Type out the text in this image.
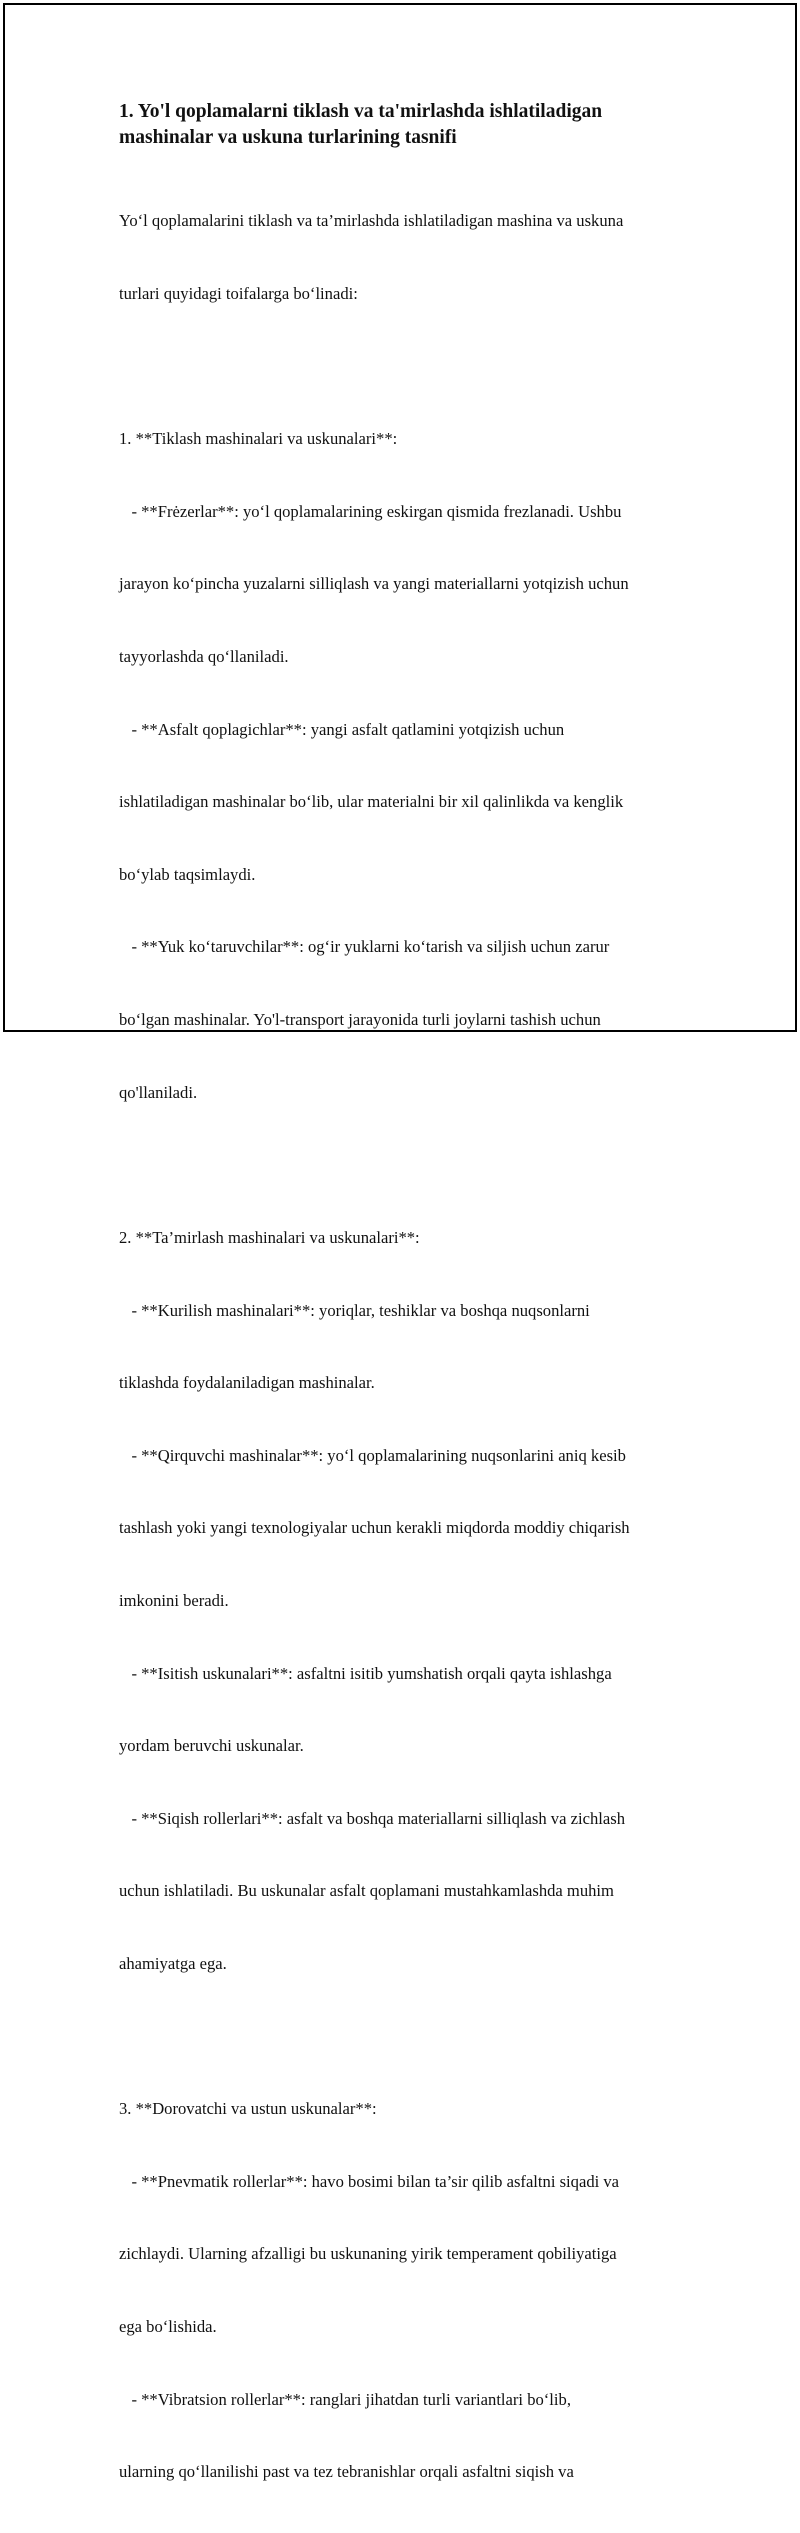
1. Yo'l qoplamalarni tiklash va ta'mirlashda ishlatiladigan
mashinalar va uskuna turlarining tasnifi

Yo‘l qoplamalarini tiklash va ta’mirlashda ishlatiladigan mashina va uskuna

turlari quyidagi toifalarga bo‘linadi:

1. **Tiklash mashinalari va uskunalari**:

- **Frėzerlar**: yo‘l qoplamalarining eskirgan qismida frezlanadi. Ushbu

jarayon ko‘pincha yuzalarni silliqlash va yangi materiallarni yotqizish uchun

tayyorlashda qo‘llaniladi.

- **Asfalt qoplagichlar**: yangi asfalt qatlamini yotqizish uchun

ishlatiladigan mashinalar bo‘lib, ular materialni bir xil qalinlikda va kenglik

bo‘ylab taqsimlaydi.

- **Yuk ko‘taruvchilar**: og‘ir yuklarni ko‘tarish va siljish uchun zarur

bo‘lgan mashinalar. Yo'l-transport jarayonida turli joylarni tashish uchun

qo'llaniladi.

2. **Ta’mirlash mashinalari va uskunalari**:

- **Kurilish mashinalari**: yoriqlar, teshiklar va boshqa nuqsonlarni

tiklashda foydalaniladigan mashinalar.

- **Qirquvchi mashinalar**: yo‘l qoplamalarining nuqsonlarini aniq kesib

tashlash yoki yangi texnologiyalar uchun kerakli miqdorda moddiy chiqarish

imkonini beradi.

- **Isitish uskunalari**: asfaltni isitib yumshatish orqali qayta ishlashga

yordam beruvchi uskunalar.

- **Siqish rollerlari**: asfalt va boshqa materiallarni silliqlash va zichlash

uchun ishlatiladi. Bu uskunalar asfalt qoplamani mustahkamlashda muhim

ahamiyatga ega.

3. **Dorovatchi va ustun uskunalar**:

- **Pnevmatik rollerlar**: havo bosimi bilan ta’sir qilib asfaltni siqadi va

zichlaydi. Ularning afzalligi bu uskunaning yirik temperament qobiliyatiga

ega bo‘lishida.

- **Vibratsion rollerlar**: ranglari jihatdan turli variantlari bo‘lib,

ularning qo‘llanilishi past va tez tebranishlar orqali asfaltni siqish va
